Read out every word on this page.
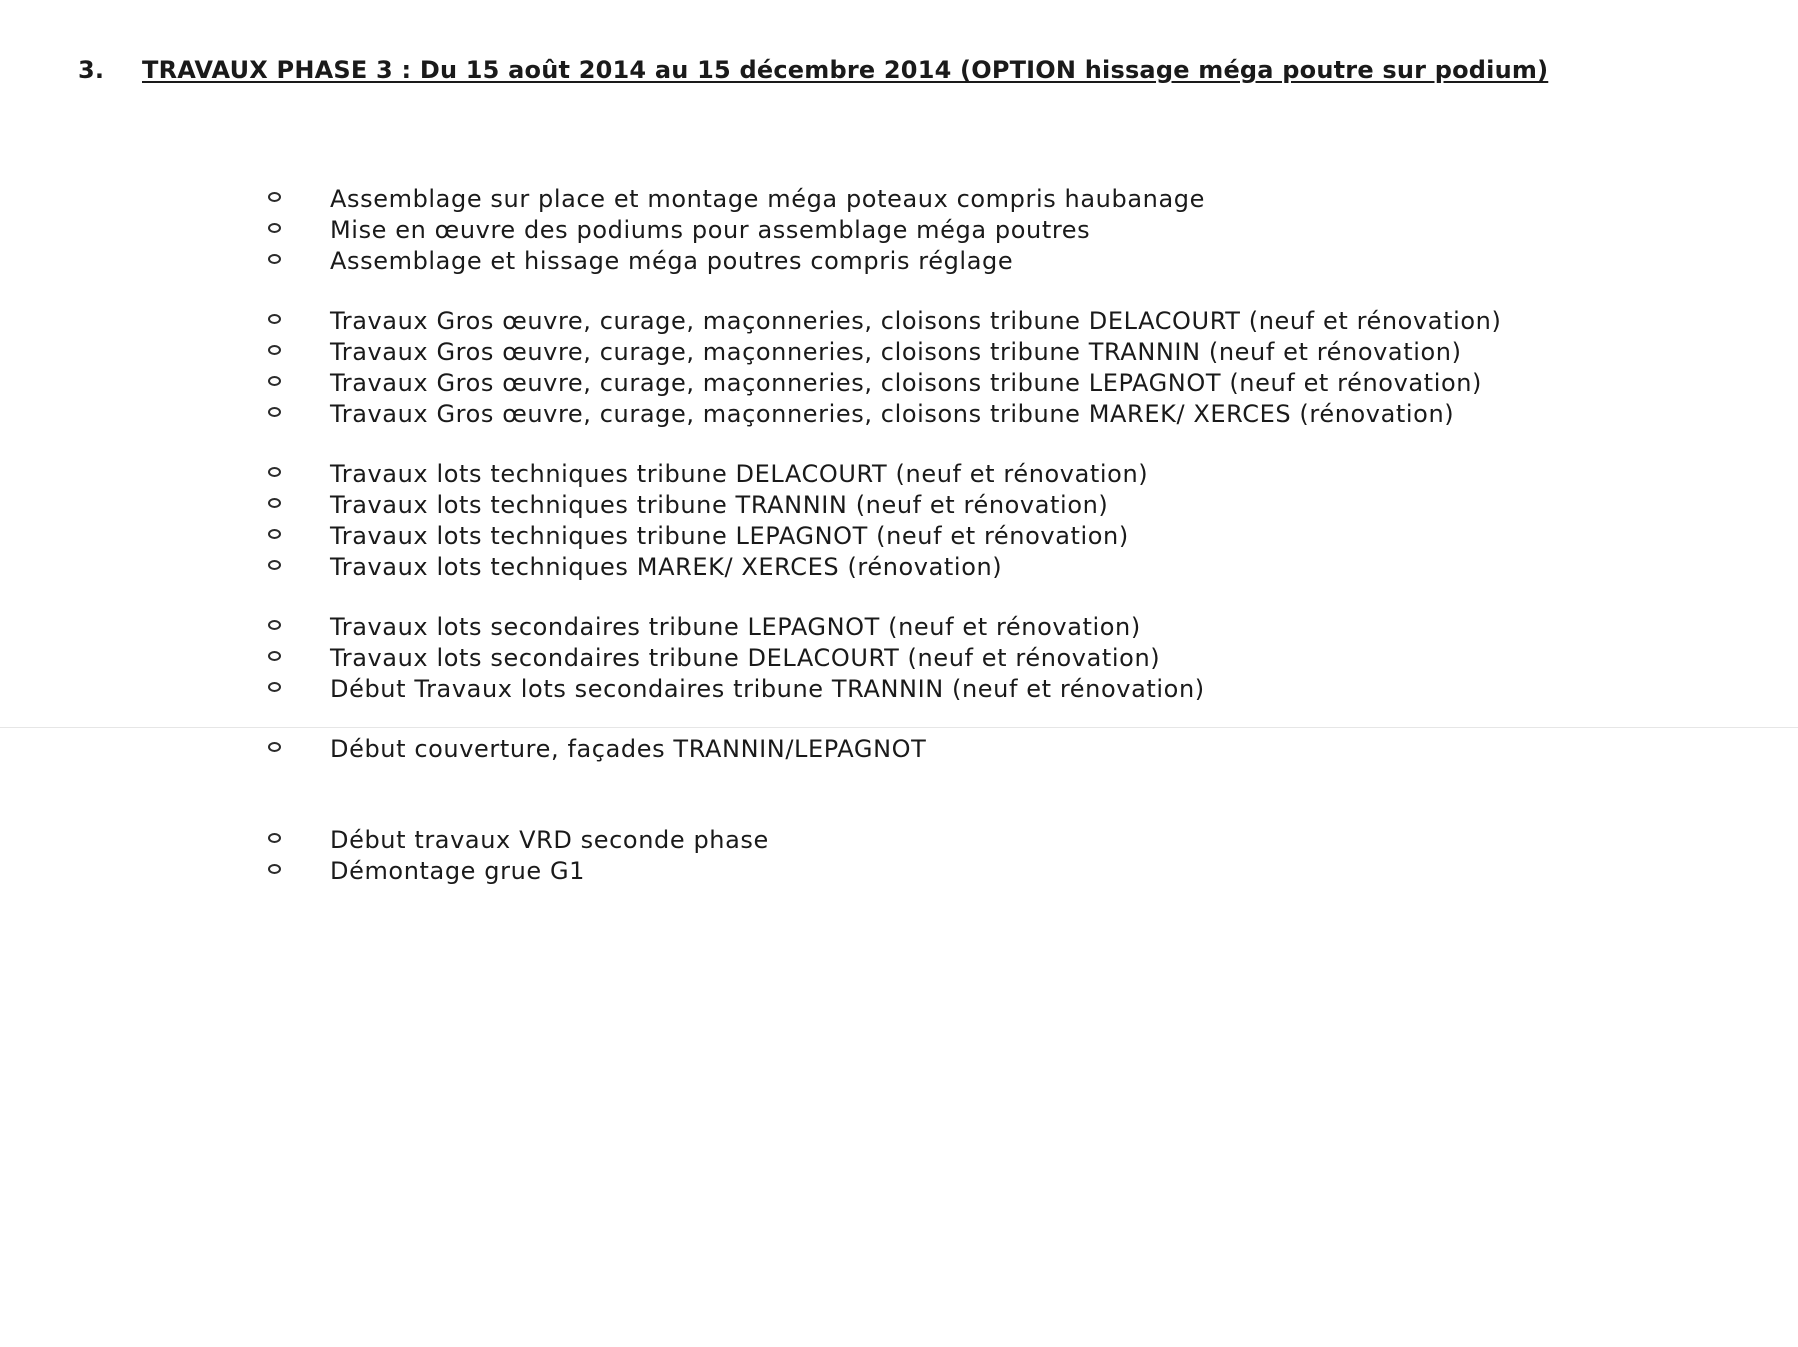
3. TRAVAUX PHASE 3 : Du 15 août 2014 au 15 décembre 2014 (OPTION hissage méga poutre sur podium)
Assemblage sur place et montage méga poteaux compris haubanage
Mise en œuvre des podiums pour assemblage méga poutres
Assemblage et hissage méga poutres compris réglage
Travaux Gros œuvre, curage, maçonneries, cloisons tribune DELACOURT (neuf et rénovation)
Travaux Gros œuvre, curage, maçonneries, cloisons tribune TRANNIN (neuf et rénovation)
Travaux Gros œuvre, curage, maçonneries, cloisons tribune LEPAGNOT (neuf et rénovation)
Travaux Gros œuvre, curage, maçonneries, cloisons tribune MAREK/ XERCES (rénovation)
Travaux lots techniques tribune DELACOURT (neuf et rénovation)
Travaux lots techniques tribune TRANNIN (neuf et rénovation)
Travaux lots techniques tribune LEPAGNOT (neuf et rénovation)
Travaux lots techniques MAREK/ XERCES (rénovation)
Travaux lots secondaires tribune LEPAGNOT (neuf et rénovation)
Travaux lots secondaires tribune DELACOURT (neuf et rénovation)
Début Travaux lots secondaires tribune TRANNIN (neuf et rénovation)
Début couverture, façades TRANNIN/LEPAGNOT
Début travaux VRD seconde phase
Démontage grue G1
